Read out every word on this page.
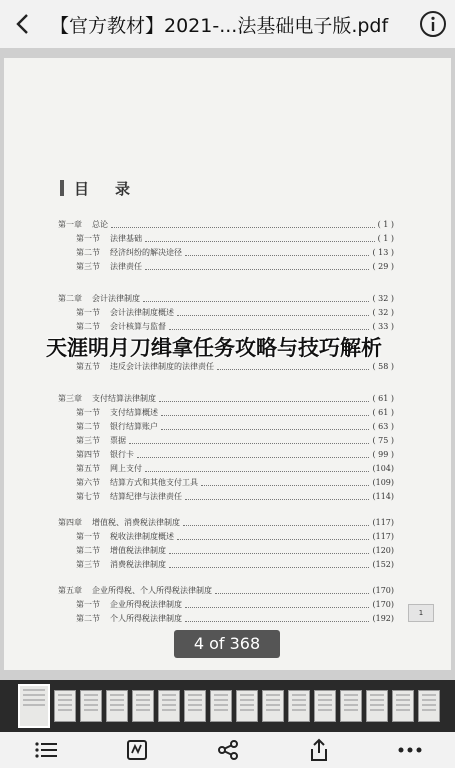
【官方教材】2021-...法基础电子版.pdf
目 录
第一章 总论	( 1 )
第一节 法律基础	( 1 )
第二节 经济纠纷的解决途径	( 13 )
第三节 法律责任	( 29 )
第二章 会计法律制度	( 32 )
第一节 会计法律制度概述	( 32 )
第二节 会计核算与监督	( 33 )
第五节 违反会计法律制度的法律责任	( 58 )
第三章 支付结算法律制度	( 61 )
第一节 支付结算概述	( 61 )
第二节 银行结算账户	( 63 )
第三节 票据	( 75 )
第四节 银行卡	( 99 )
第五节 网上支付	(104)
第六节 结算方式和其他支付工具	(109)
第七节 结算纪律与法律责任	(114)
第四章 增值税、消费税法律制度	(117)
第一节 税收法律制度概述	(117)
第二节 增值税法律制度	(120)
第三节 消费税法律制度	(152)
第五章 企业所得税、个人所得税法律制度	(170)
第一节 企业所得税法律制度	(170)
第二节 个人所得税法律制度	(192)
1
天涯明月刀缉拿任务攻略与技巧解析
4 of 368
